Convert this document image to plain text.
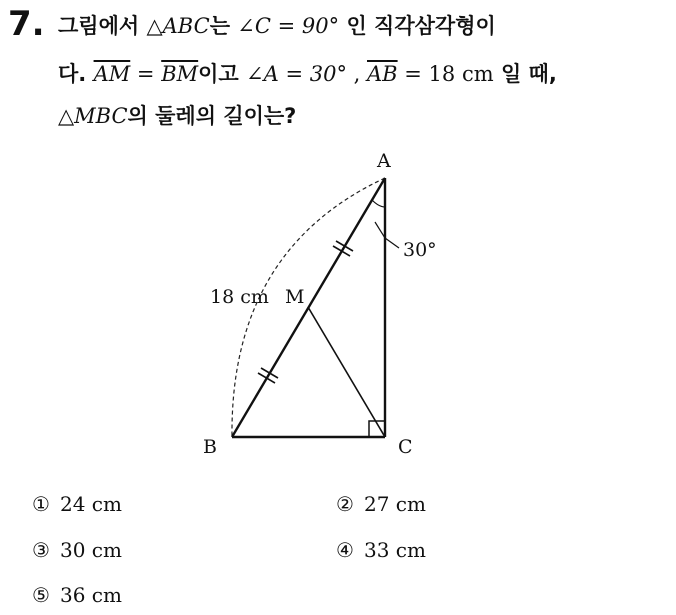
7. 그림에서 △ABC는 ∠C = 90° 인 직각삼각형이
다. $\overline{AM} = \overline{BM}$이고 ∠A = 30° , $\overline{AB} = 18$ cm 일 때,
△MBC의 둘레의 길이는?
A
B	C
M
30°
18 cm
① 24 cm	② 27 cm
③ 30 cm	④ 33 cm
⑤ 36 cm
